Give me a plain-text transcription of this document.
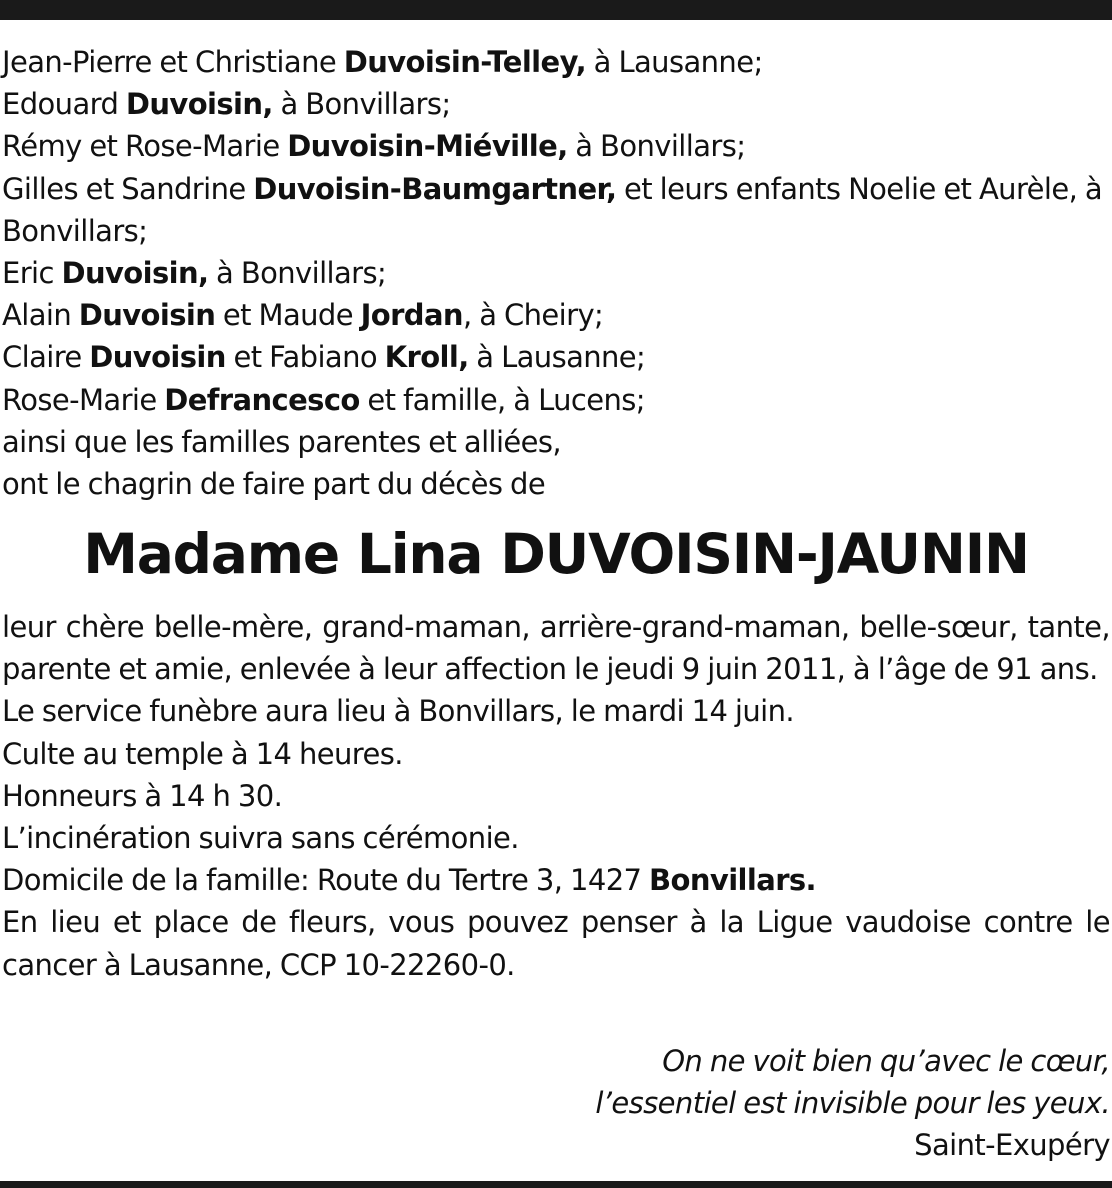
Jean-Pierre et Christiane Duvoisin-Telley, à Lausanne;
Edouard Duvoisin, à Bonvillars;
Rémy et Rose-Marie Duvoisin-Miéville, à Bonvillars;
Gilles et Sandrine Duvoisin-Baumgartner, et leurs enfants Noelie et Aurèle, à Bonvillars;
Eric Duvoisin, à Bonvillars;
Alain Duvoisin et Maude Jordan, à Cheiry;
Claire Duvoisin et Fabiano Kroll, à Lausanne;
Rose-Marie Defrancesco et famille, à Lucens;
ainsi que les familles parentes et alliées,
ont le chagrin de faire part du décès de
Madame Lina DUVOISIN-JAUNIN
leur chère belle-mère, grand-maman, arrière-grand-maman, belle-sœur, tante, parente et amie, enlevée à leur affection le jeudi 9 juin 2011, à l’âge de 91 ans.
Le service funèbre aura lieu à Bonvillars, le mardi 14 juin.
Culte au temple à 14 heures.
Honneurs à 14 h 30.
L’incinération suivra sans cérémonie.
Domicile de la famille: Route du Tertre 3, 1427 Bonvillars.
En lieu et place de fleurs, vous pouvez penser à la Ligue vaudoise contre le cancer à Lausanne, CCP 10-22260-0.
On ne voit bien qu’avec le cœur,
l’essentiel est invisible pour les yeux.
Saint-Exupéry
